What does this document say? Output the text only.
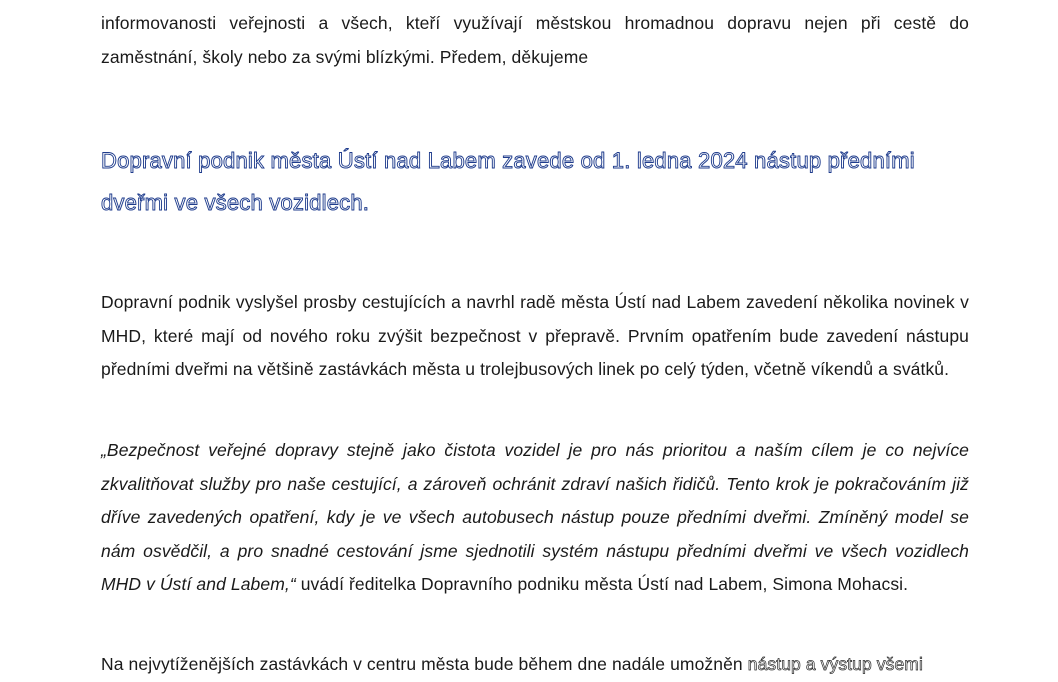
informovanosti veřejnosti a všech, kteří využívají městskou hromadnou dopravu nejen při cestě do zaměstnání, školy nebo za svými blízkými. Předem, děkujeme

Dopravní podnik města Ústí nad Labem zavede od 1. ledna 2024 nástup předními dveřmi ve všech vozidlech.

Dopravní podnik vyslyšel prosby cestujících a navrhl radě města Ústí nad Labem zavedení několika novinek v MHD, které mají od nového roku zvýšit bezpečnost v přepravě. Prvním opatřením bude zavedení nástupu předními dveřmi na většině zastávkách města u trolejbusových linek po celý týden, včetně víkendů a svátků.

„Bezpečnost veřejné dopravy stejně jako čistota vozidel je pro nás prioritou a naším cílem je co nejvíce zkvalitňovat služby pro naše cestující, a zároveň ochránit zdraví našich řidičů. Tento krok je pokračováním již dříve zavedených opatření, kdy je ve všech autobusech nástup pouze předními dveřmi. Zmíněný model se nám osvědčil, a pro snadné cestování jsme sjednotili systém nástupu předními dveřmi ve všech vozidlech MHD v Ústí and Labem,“ uvádí ředitelka Dopravního podniku města Ústí nad Labem, Simona Mohacsi.

Na nejvytíženějších zastávkách v centru města bude během dne nadále umožněn nástup a výstup všemi
